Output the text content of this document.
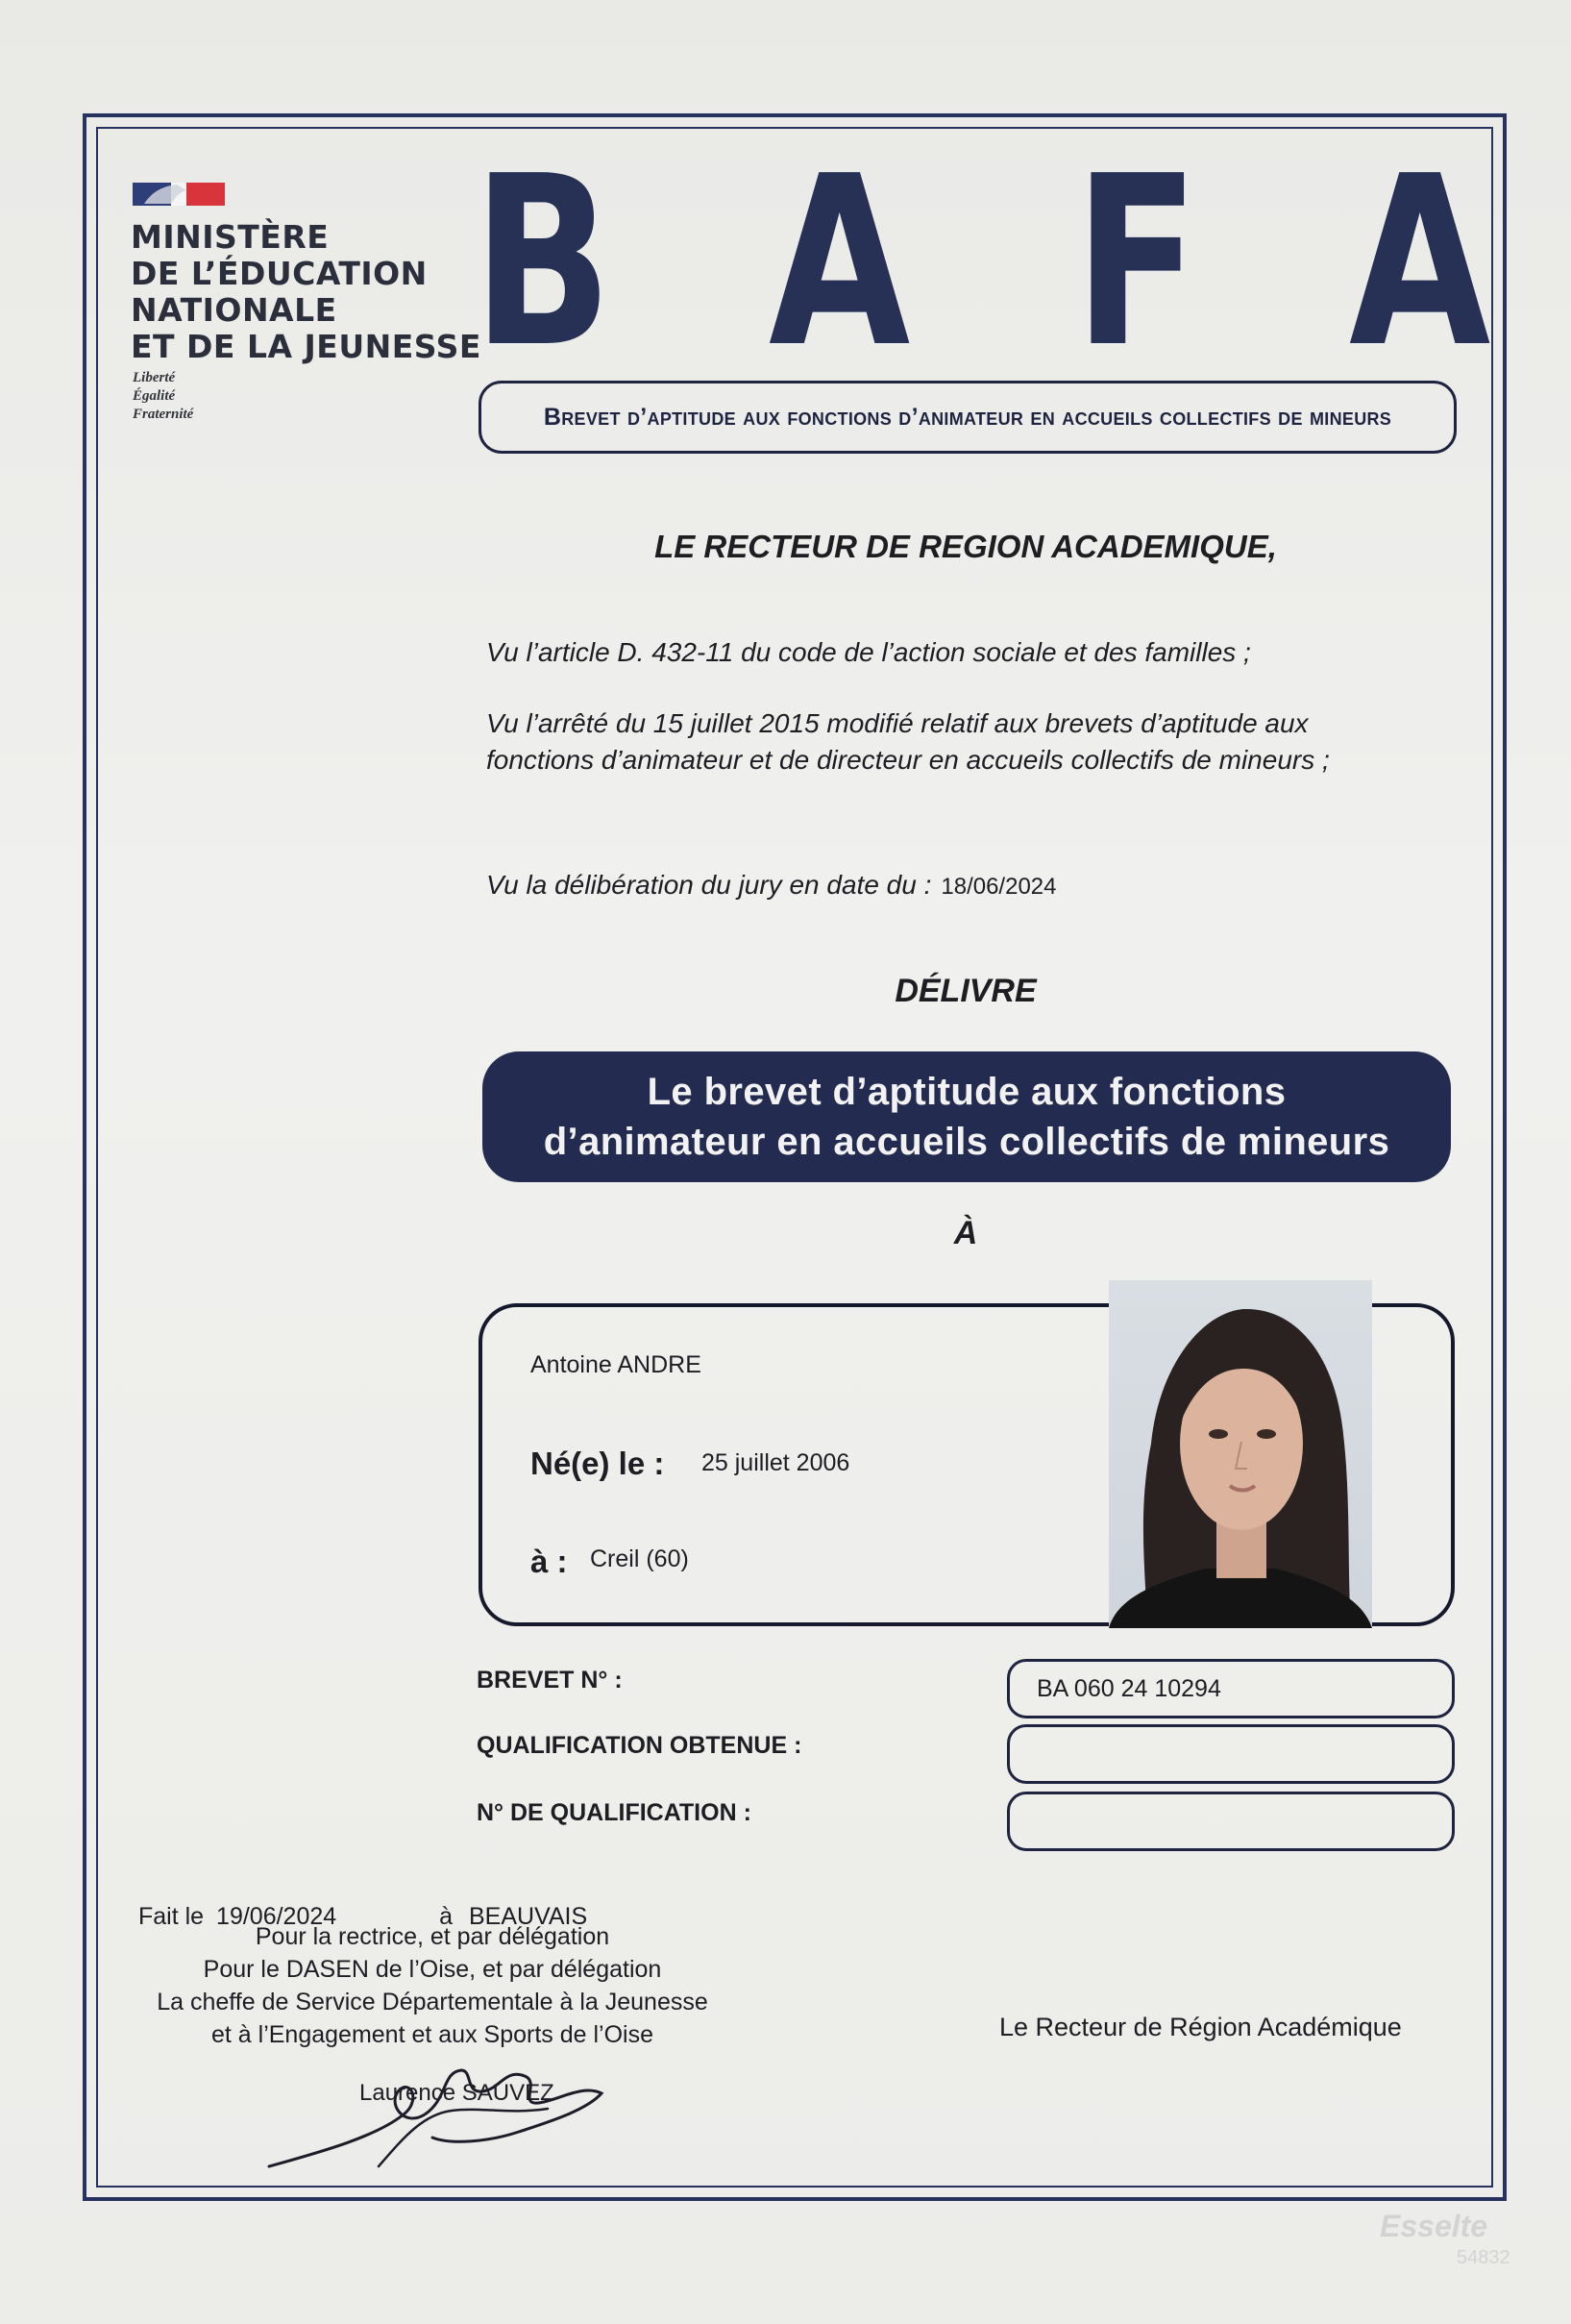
MINISTÈRE
DE L’ÉDUCATION
NATIONALE
ET DE LA JEUNESSE
Liberté
Égalité
Fraternité
B A F A
Brevet d’aptitude aux fonctions d’animateur en accueils collectifs de mineurs
LE RECTEUR DE REGION ACADEMIQUE,
Vu l’article D. 432-11 du code de l’action sociale et des familles ;
Vu l’arrêté du 15 juillet 2015 modifié relatif aux brevets d’aptitude aux
fonctions d’animateur et de directeur en accueils collectifs de mineurs ;
Vu la délibération du jury en date du : 18/06/2024
DÉLIVRE
Le brevet d’aptitude aux fonctions
d’animateur en accueils collectifs de mineurs
À
Antoine ANDRE
Né(e) le : 25 juillet 2006
à : Creil (60)
BREVET N° :	BA 060 24 10294
QUALIFICATION OBTENUE :
N° DE QUALIFICATION :
Fait le 19/06/2024	à BEAUVAIS
Pour la rectrice, et par délégation
Pour le DASEN de l’Oise, et par délégation
La cheffe de Service Départementale à la Jeunesse
et à l’Engagement et aux Sports de l’Oise
Laurence SAUVEZ
Le Recteur de Région Académique
Esselte
54832
